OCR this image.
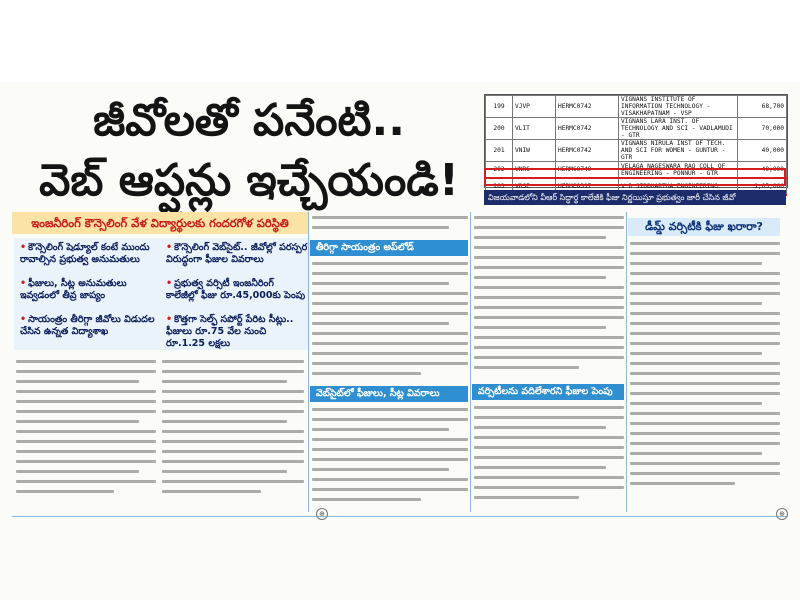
జీవోలతో పనేంటి..
వెబ్ ఆప్షన్లు ఇచ్చేయండి!
199	VJVP	HERMC0742	VIGNANS INSTITUTE OF INFORMATION TECHNOLOGY - VISAKHAPATNAM - VSP	68,700
200	VLIT	HERMC0742	VIGNANS LARA INST. OF TECHNOLOGY AND SCI - VADLAMUDI - GTR	70,000
201	VNIW	HERMC0742	VIGNANS NIRULA INST OF TECH. AND SCI FOR WOMEN - GUNTUR - GTR	40,000
202	VNRC	HERMC0749	VELAGA NAGESWARA RAO COLL OF ENGINEERING - PONNUR - GTR	40,000
203	VRSE	HERMC0317	V R SIDDHARTHA ENGINEERING	1,05,000
విజయవాడలోని వీఆర్ సిద్ధార్థ కాలేజీకి ఫీజు నిర్ణయిస్తూ ప్రభుత్వం జారీ చేసిన జీవో
ఇంజనీరింగ్ కౌన్సెలింగ్ వేళ విద్యార్థులకు గందరగోళ పరిస్థితి
• కౌన్సెలింగ్ షెడ్యూల్ కంటే ముందు రావాల్సిన ప్రభుత్వ అనుమతులు
• ఫీజులు, సీట్ల అనుమతులు ఇవ్వడంలో తీవ్ర జాప్యం
• సాయంత్రం తీరిగ్గా జీవోలు విడుదల చేసిన ఉన్నత విద్యాశాఖ
• కౌన్సెలింగ్ వెబ్‌సైట్.. జీవోల్లో పరస్పర విరుద్ధంగా ఫీజుల వివరాలు
• ప్రభుత్వ వర్సిటీ ఇంజనీరింగ్ కాలేజీల్లో ఫీజు రూ.45,000కు పెంపు
• కొత్తగా సెల్ఫ్ సపోర్ట్ పేరిట సీట్లు.. ఫీజులు రూ.75 వేల నుంచి రూ.1.25 లక్షలు
తీరిగ్గా సాయంత్రం అప్‌లోడ్
వెబ్‌సైట్‌లో ఫీజులు, సీట్ల వివరాలు	వర్సిటీలను వదిలేశారని ఫీజుల పెంపు
డీమ్డ్ వర్సిటీకి ఫీజు ఖరారా?
⊕	⊕
